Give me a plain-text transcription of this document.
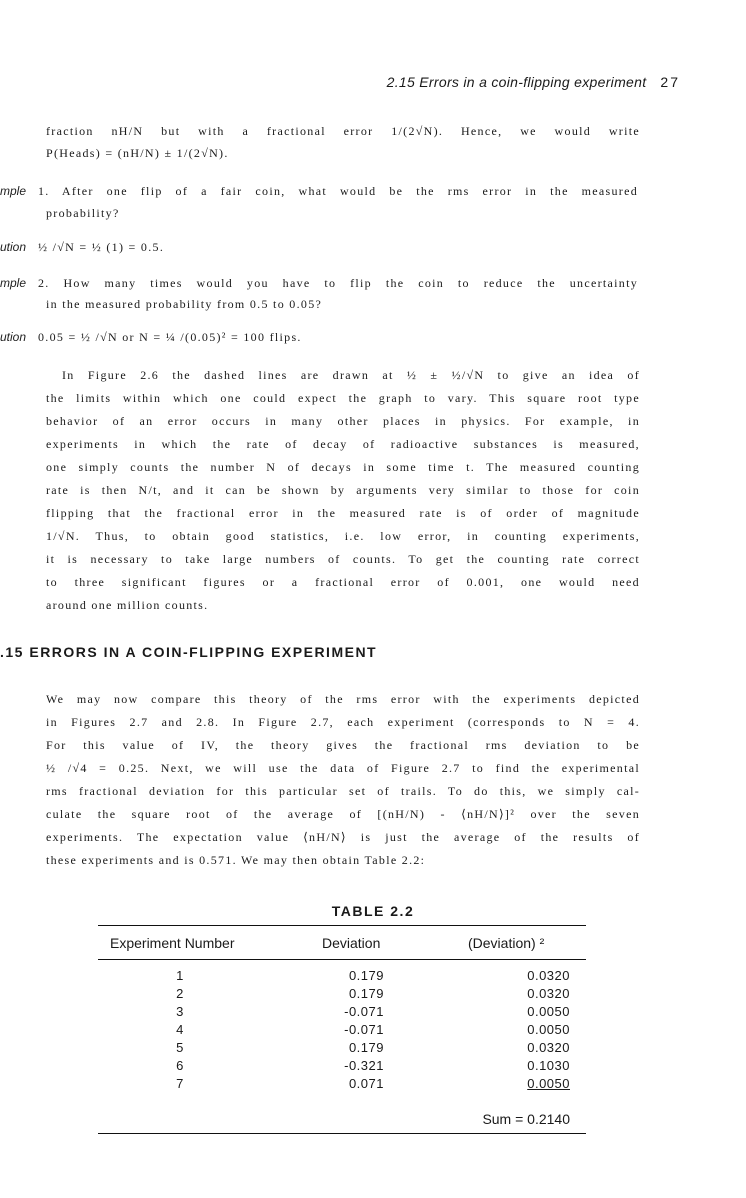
2.15 Errors in a coin-flipping experiment 27
fraction nH/N but with a fractional error 1/(2√N). Hence, we would write
P(Heads) = (nH/N) ± 1/(2√N).
mple 1. After one flip of a fair coin, what would be the rms error in the measured
probability?
ution ½ /√N = ½ (1) = 0.5.
mple 2. How many times would you have to flip the coin to reduce the uncertainty
in the measured probability from 0.5 to 0.05?
ution 0.05 = ½ /√N or N = ¼ /(0.05)² = 100 flips.
In Figure 2.6 the dashed lines are drawn at ½ ± ½/√N to give an idea of
the limits within which one could expect the graph to vary. This square root type
behavior of an error occurs in many other places in physics. For example, in
experiments in which the rate of decay of radioactive substances is measured,
one simply counts the number N of decays in some time t. The measured counting
rate is then N/t, and it can be shown by arguments very similar to those for coin
flipping that the fractional error in the measured rate is of order of magnitude
1/√N. Thus, to obtain good statistics, i.e. low error, in counting experiments,
it is necessary to take large numbers of counts. To get the counting rate correct
to three significant figures or a fractional error of 0.001, one would need
around one million counts.
.15 ERRORS IN A COIN-FLIPPING EXPERIMENT
We may now compare this theory of the rms error with the experiments depicted
in Figures 2.7 and 2.8. In Figure 2.7, each experiment (corresponds to N = 4.
For this value of IV, the theory gives the fractional rms deviation to be
½ /√4 = 0.25. Next, we will use the data of Figure 2.7 to find the experimental
rms fractional deviation for this particular set of trails. To do this, we simply cal-
culate the square root of the average of [(nH/N) - ⟨nH/N⟩]² over the seven
experiments. The expectation value ⟨nH/N⟩ is just the average of the results of
these experiments and is 0.571. We may then obtain Table 2.2:
TABLE 2.2
Experiment Number	Deviation	(Deviation) ²
1	0.179	0.0320
2	0.179	0.0320
3	-0.071	0.0050
4	-0.071	0.0050
5	0.179	0.0320
6	-0.321	0.1030
7	0.071	0.0050
Sum = 0.2140
